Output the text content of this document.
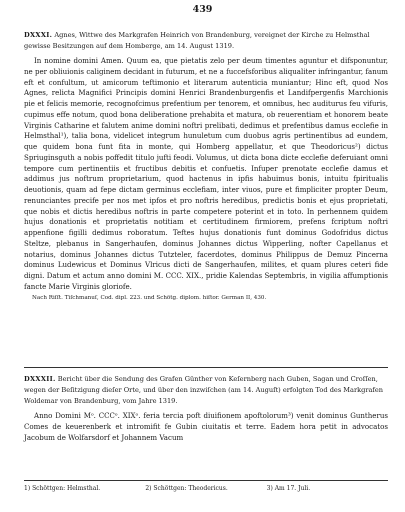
439
DXXXI. Agnes, Wittwe des Markgrafen Heinrich von Brandenburg, vereignet der Kirche zu Helmsthal gewisse Besitzungen auf dem Homberge, am 14. August 1319.

In nomine domini Amen. Quum ea, que pietatis zelo per deum timentes aguntur et difsponuntur, ne per obliuionis caliginem decidant in futurum, et ne a fuccefsforibus aliqualiter infringantur, fanum eft et confultum, ut amicorum teftimonio et literarum autenticia muniantur; Hinc eft, quod Nos Agnes, relicta Magnifici Principis domini Henrici Brandenburgenfis et Landifpergenfis Marchionis pie et felicis memorie, recognofcimus prefentium per tenorem, et omnibus, hec auditurus feu vifuris, cupimus effe notum, quod bona deliberatione prehabita et matura, ob reuerentiam et honorem beate Virginis Catharine et falutem anime domini noftri prelibati, dedimus et prefentibus damus ecclefie in Helmsthal¹), talia bona, videlicet integrum hunuletum cum duobus agris pertinentibus ad eundem, que quidem bona funt fita in monte, qui Homberg appellatur, et que Theodoricus²) dictus Spriuginsguth a nobis poffedit titulo jufti feodi. Volumus, ut dicta bona dicte ecclefie deferuiant omni tempore cum pertinentiis et fructibus debitis et confuetis. Infuper prenotate ecclefie damus et addimus jus noftrum proprietarium, quod hactenus in ipfis habuimus bonis, intuitu fpiritualis deuotionis, quam ad fepe dictam germinus ecclefiam, inter viuos, pure et fimpliciter propter Deum, renunciantes precife per nos met ipfos et pro noftris heredibus, predictis bonis et ejus proprietati, que nobis et dictis heredibus noftris in parte competere poterint et in toto. In perhennem quidem hujus donationis et proprietatis notitiam et certitudinem firmiorem, prefens fcriptum noftri appenfione figilli dedimus roboratum. Teftes hujus donationis funt dominus Godofridus dictus Steltze, plebanus in Sangerhaufen, dominus Johannes dictus Wipperling, nofter Capellanus et notarius, dominus Johannes dictus Tutzteler, facerdotes, dominus Philippus de Demuz Pincerna dominus Ludewicus et Dominus Vlricus dicti de Sangerhaufen, milites, et quam plures ceteri fide digni. Datum et actum anno domini M. CCC. XIX., pridie Kalendas Septembris, in vigilia affumptionis fancte Marie Virginis gloriofe.

Nach Riſſt. Tiſchmanuſ, Cod. dipl. 223. und Schötg. diplom. hiſtor. German II, 430.
DXXXII. Bericht über die Sendung des Grafen Günther von Keſernberg nach Guben, Sagan und Croſſen, wegen der Beſitzigung dieſer Orte, und über den inzwiſchen (am 14. Auguſt) erfolgten Tod des Markgrafen Woldemar von Brandenburg, vom Jahre 1319.

Anno Domini Mᵒ. CCCᵒ. XIXᵒ. feria tercia poft diuifionem apoftolorum³) venit dominus Guntherus Comes de keuerenberk et intromifit fe Gubin ciuitatis et terre. Eadem hora petit in advocatos Jacobum de Wolfarsdorf et Johannem Vacum

1) Schöttgen: Helmsthal.	2) Schöttgen: Theodericus.	3) Am 17. Juli.
